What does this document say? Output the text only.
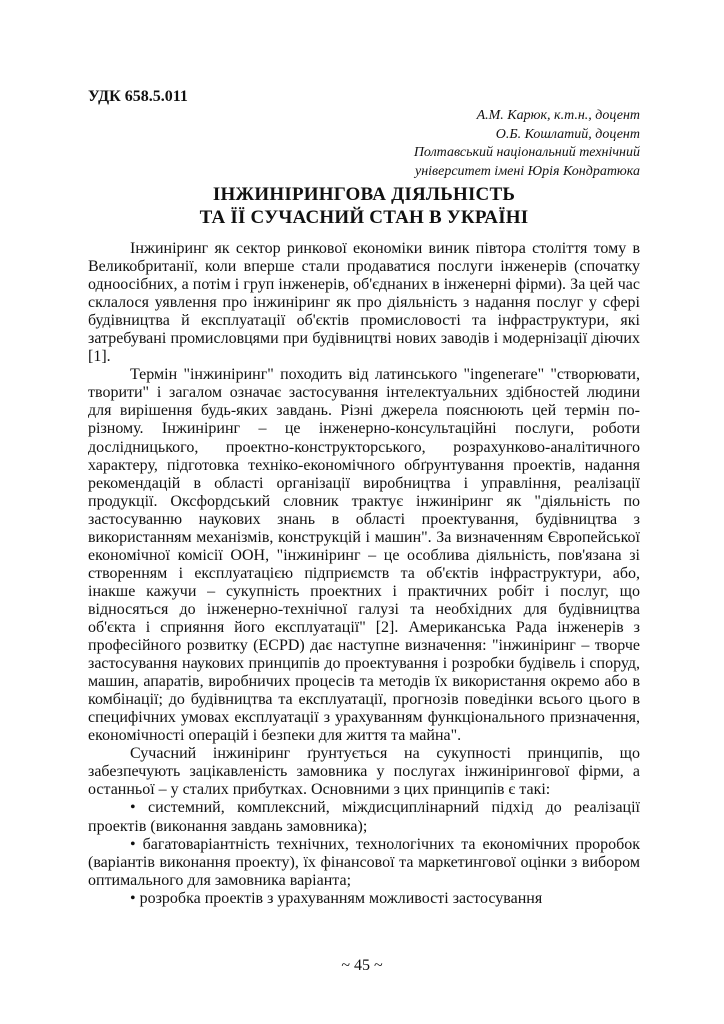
УДК 658.5.011
А.М. Карюк, к.т.н., доцент
О.Б. Кошлатий, доцент
Полтавський національний технічний
університет імені Юрія Кондратюка
ІНЖИНІРИНГОВА ДІЯЛЬНІСТЬ
ТА ЇЇ СУЧАСНИЙ СТАН В УКРАЇНІ

Інжиніринг як сектор ринкової економіки виник півтора століття тому в Великобританії, коли вперше стали продаватися послуги інженерів (спочатку одноосібних, а потім і груп інженерів, об'єднаних в інженерні фірми). За цей час склалося уявлення про інжиніринг як про діяльність з надання послуг у сфері будівництва й експлуатації об'єктів промисловості та інфраструктури, які затребувані промисловцями при будівництві нових заводів і модернізації діючих [1].

Термін "інжиніринг" походить від латинського "ingenerare" "створювати, творити" і загалом означає застосування інтелектуальних здібностей людини для вирішення будь-яких завдань. Різні джерела пояснюють цей термін по-різному. Інжиніринг – це інженерно-консультаційні послуги, роботи дослідницького, проектно-конструкторського, розрахунково-аналітичного характеру, підготовка техніко-економічного обґрунтування проектів, надання рекомендацій в області організації виробництва і управління, реалізації продукції. Оксфордський словник трактує інжиніринг як "діяльність по застосуванню наукових знань в області проектування, будівництва з використанням механізмів, конструкцій і машин". За визначенням Європейської економічної комісії ООН, "інжиніринг – це особлива діяльність, пов'язана зі створенням і експлуатацією підприємств та об'єктів інфраструктури, або, інакше кажучи – сукупність проектних і практичних робіт і послуг, що відносяться до інженерно-технічної галузі та необхідних для будівництва об'єкта і сприяння його експлуатації" [2]. Американська Рада інженерів з професійного розвитку (ECPD) дає наступне визначення: "інжиніринг – творче застосування наукових принципів до проектування і розробки будівель і споруд, машин, апаратів, виробничих процесів та методів їх використання окремо або в комбінації; до будівництва та експлуатації, прогнозів поведінки всього цього в специфічних умовах експлуатації з урахуванням функціонального призначення, економічності операцій і безпеки для життя та майна".

Сучасний інжиніринг ґрунтується на сукупності принципів, що забезпечують зацікавленість замовника у послугах інжинірингової фірми, а останньої – у сталих прибутках. Основними з цих принципів є такі:

• системний, комплексний, міждисциплінарний підхід до реалізації проектів (виконання завдань замовника);

• багатоваріантність технічних, технологічних та економічних проробок (варіантів виконання проекту), їх фінансової та маркетингової оцінки з вибором оптимального для замовника варіанта;

• розробка проектів з урахуванням можливості застосування

~ 45 ~
